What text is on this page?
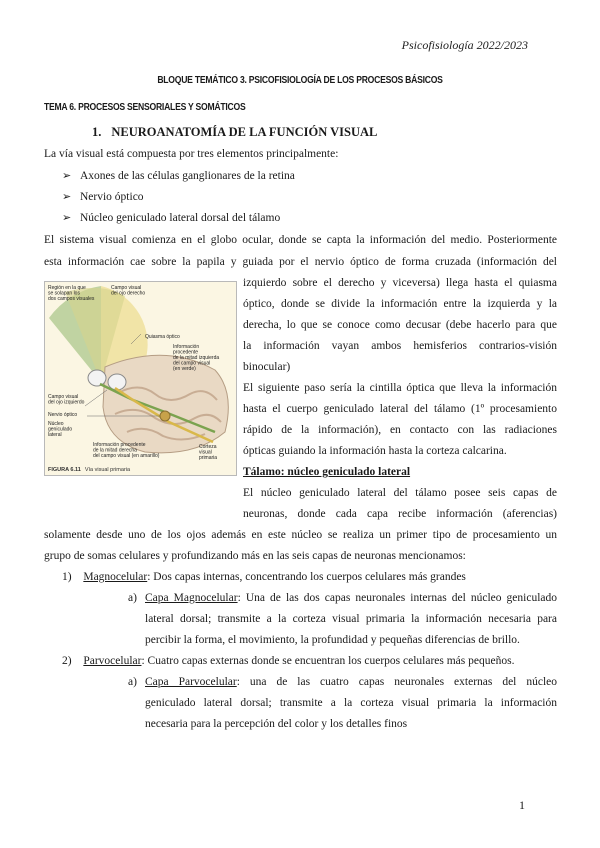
Psicofisiología 2022/2023
BLOQUE TEMÁTICO 3. PSICOFISIOLOGÍA DE LOS PROCESOS BÁSICOS
TEMA 6. PROCESOS SENSORIALES Y SOMÁTICOS
1. NEUROANATOMÍA DE LA FUNCIÓN VISUAL
La vía visual está compuesta por tres elementos principalmente:
➢ Axones de las células ganglionares de la retina
➢ Nervio óptico
➢ Núcleo geniculado lateral dorsal del tálamo
El sistema visual comienza en el globo ocular, donde se capta la información del medio. Posteriormente
esta información cae sobre la papila y guiada por el nervio óptico de forma cruzada (información del
izquierdo sobre el derecho y viceversa) llega hasta el quiasma
óptico, donde se divide la información entre la izquierda y la
derecha, lo que se conoce como decusar (debe hacerlo para que
la información vayan ambos hemisferios contrarios-visión
binocular)
El siguiente paso sería la cintilla óptica que lleva la información
hasta el cuerpo geniculado lateral del tálamo (1º procesamiento
rápido de la información), en contacto con las radiaciones
ópticas guiando la información hasta la corteza calcarina.
Tálamo: núcleo geniculado lateral
El núcleo geniculado lateral del tálamo posee seis capas de
neuronas, donde cada capa recibe información (aferencias)
solamente desde uno de los ojos además en este núcleo se realiza un primer tipo de procesamiento un
grupo de somas celulares y profundizando más en las seis capas de neuronas mencionamos:
1) Magnocelular: Dos capas internas, concentrando los cuerpos celulares más grandes
a) Capa Magnocelular: Una de las dos capas neuronales internas del núcleo geniculado
lateral dorsal; transmite a la corteza visual primaria la información necesaria para
percibir la forma, el movimiento, la profundidad y pequeñas diferencias de brillo.
2) Parvocelular: Cuatro capas externas donde se encuentran los cuerpos celulares más pequeños.
a) Capa Parvocelular: una de las cuatro capas neuronales externas del núcleo
geniculado lateral dorsal; transmite a la corteza visual primaria la información
necesaria para la percepción del color y los detalles finos
Región en la que se solapan los dos campos visuales
Campo visual del ojo derecho
Quiasma óptico
Información procedente de la mitad izquierda del campo visual (en verde)
Campo visual del ojo izquierdo
Nervio óptico
Núcleo geniculado lateral
Información procedente de la mitad derecha del campo visual (en amarillo)
Corteza visual primaria
FIGURA 6.11 Vía visual primaria
1
